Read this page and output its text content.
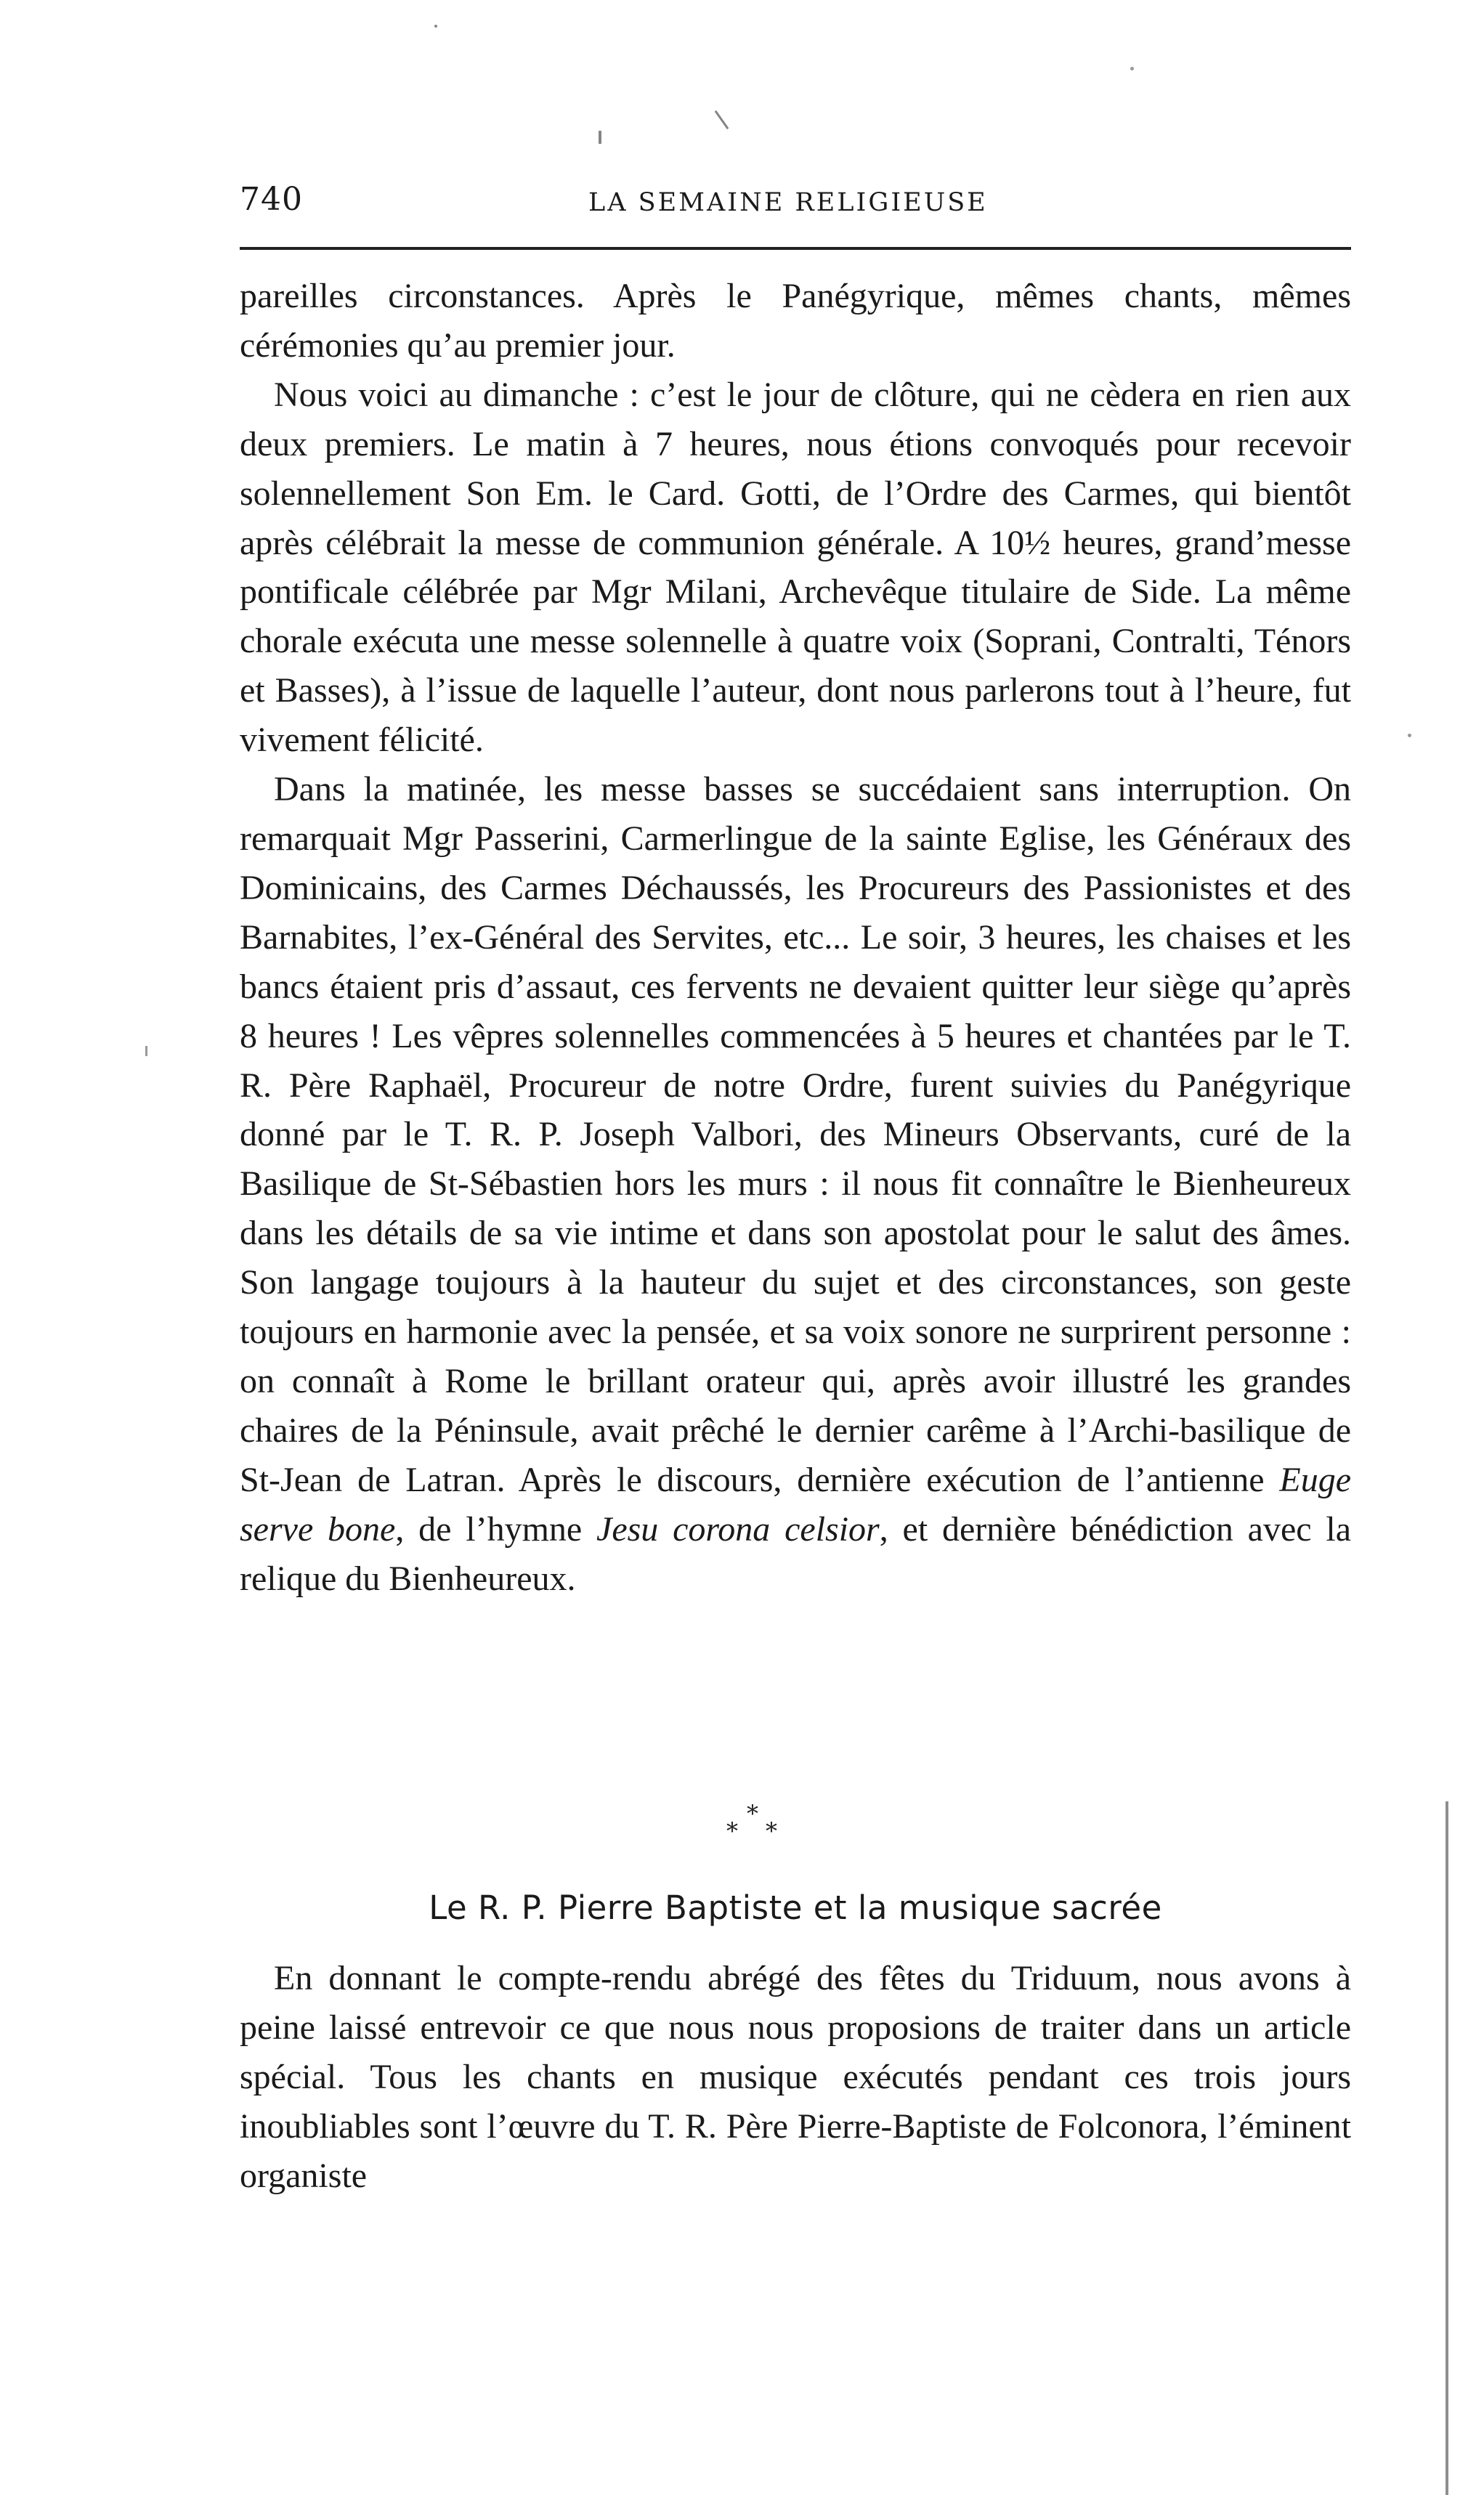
740	LA SEMAINE RELIGIEUSE

pareilles circonstances. Après le Panégyrique, mêmes chants, mêmes cérémonies qu’au premier jour.

Nous voici au dimanche : c’est le jour de clôture, qui ne cèdera en rien aux deux premiers. Le matin à 7 heures, nous étions convoqués pour recevoir solennellement Son Em. le Card. Gotti, de l’Ordre des Carmes, qui bientôt après célébrait la messe de communion générale. A 10½ heures, grand’messe pontificale célébrée par Mgr Milani, Archevêque titulaire de Side. La même chorale exécuta une messe solennelle à quatre voix (Soprani, Contralti, Ténors et Basses), à l’issue de laquelle l’auteur, dont nous parlerons tout à l’heure, fut vivement félicité.

Dans la matinée, les messe basses se succédaient sans interruption. On remarquait Mgr Passerini, Carmerlingue de la sainte Eglise, les Généraux des Dominicains, des Carmes Déchaussés, les Procureurs des Passionistes et des Barnabites, l’ex-Général des Servites, etc... Le soir, 3 heures, les chaises et les bancs étaient pris d’assaut, ces fervents ne devaient quitter leur siège qu’après 8 heures ! Les vêpres solennelles commencées à 5 heures et chantées par le T. R. Père Raphaël, Procureur de notre Ordre, furent suivies du Panégyrique donné par le T. R. P. Joseph Valbori, des Mineurs Observants, curé de la Basilique de St-Sébastien hors les murs : il nous fit connaître le Bienheureux dans les détails de sa vie intime et dans son apostolat pour le salut des âmes. Son langage toujours à la hauteur du sujet et des circonstances, son geste toujours en harmonie avec la pensée, et sa voix sonore ne surprirent personne : on connaît à Rome le brillant orateur qui, après avoir illustré les grandes chaires de la Péninsule, avait prêché le dernier carême à l’Archi-basilique de St-Jean de Latran. Après le discours, dernière exécution de l’antienne Euge serve bone, de l’hymne Jesu corona celsior, et dernière bénédiction avec la relique du Bienheureux.

*
* *
Le R. P. Pierre Baptiste et la musique sacrée

En donnant le compte-rendu abrégé des fêtes du Triduum, nous avons à peine laissé entrevoir ce que nous nous proposions de traiter dans un article spécial. Tous les chants en musique exécutés pendant ces trois jours inoubliables sont l’œuvre du T. R. Père Pierre-Baptiste de Folconora, l’éminent organiste
